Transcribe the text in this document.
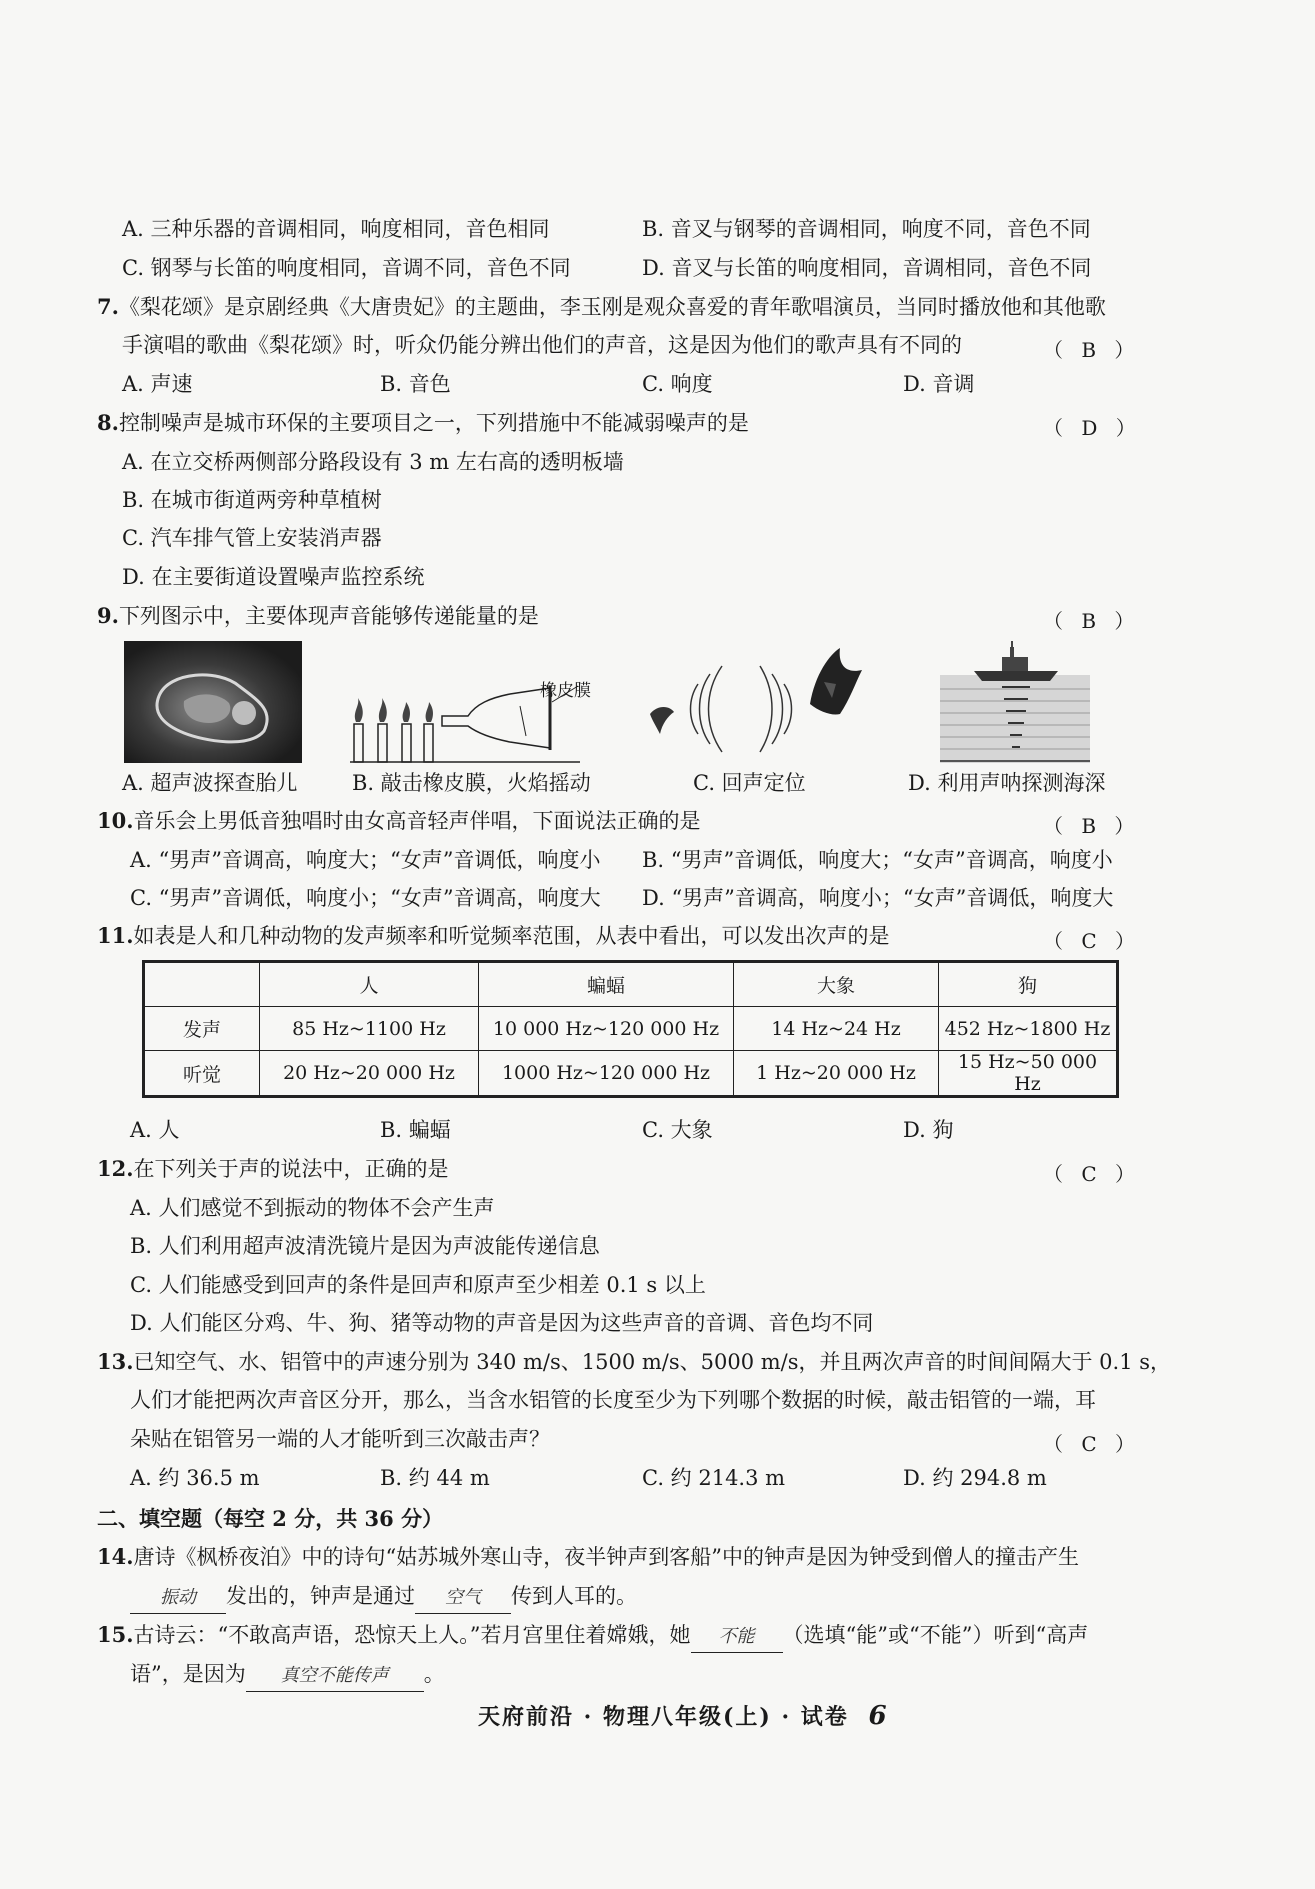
A. 三种乐器的音调相同，响度相同，音色相同	B. 音叉与钢琴的音调相同，响度不同，音色不同
C. 钢琴与长笛的响度相同，音调不同，音色不同	D. 音叉与长笛的响度相同，音调相同，音色不同
7.《梨花颂》是京剧经典《大唐贵妃》的主题曲，李玉刚是观众喜爱的青年歌唱演员，当同时播放他和其他歌
手演唱的歌曲《梨花颂》时，听众仍能分辨出他们的声音，这是因为他们的歌声具有不同的	（ B ）
A. 声速	B. 音色	C. 响度	D. 音调
8.控制噪声是城市环保的主要项目之一，下列措施中不能减弱噪声的是	（ D ）
A. 在立交桥两侧部分路段设有 3 m 左右高的透明板墙
B. 在城市街道两旁种草植树
C. 汽车排气管上安装消声器
D. 在主要街道设置噪声监控系统
9.下列图示中，主要体现声音能够传递能量的是	（ B ）
橡皮膜
A. 超声波探查胎儿	B. 敲击橡皮膜，火焰摇动	C. 回声定位	D. 利用声呐探测海深
10.音乐会上男低音独唱时由女高音轻声伴唱，下面说法正确的是	（ B ）
A. “男声”音调高，响度大；“女声”音调低，响度小 B. “男声”音调低，响度大；“女声”音调高，响度小
C. “男声”音调低，响度小；“女声”音调高，响度大 D. “男声”音调高，响度小；“女声”音调低，响度大
11.如表是人和几种动物的发声频率和听觉频率范围，从表中看出，可以发出次声的是	（ C ）
	人	蝙蝠	大象	狗
发声	85 Hz~1100 Hz	10 000 Hz~120 000 Hz	14 Hz~24 Hz	452 Hz~1800 Hz
听觉	20 Hz~20 000 Hz	1000 Hz~120 000 Hz	1 Hz~20 000 Hz	15 Hz~50 000 Hz
A. 人	B. 蝙蝠	C. 大象	D. 狗
12.在下列关于声的说法中，正确的是	（ C ）
A. 人们感觉不到振动的物体不会产生声
B. 人们利用超声波清洗镜片是因为声波能传递信息
C. 人们能感受到回声的条件是回声和原声至少相差 0.1 s 以上
D. 人们能区分鸡、牛、狗、猪等动物的声音是因为这些声音的音调、音色均不同
13.已知空气、水、铝管中的声速分别为 340 m/s、1500 m/s、5000 m/s，并且两次声音的时间间隔大于 0.1 s，
人们才能把两次声音区分开，那么，当含水铝管的长度至少为下列哪个数据的时候，敲击铝管的一端，耳
朵贴在铝管另一端的人才能听到三次敲击声？	（ C ）
A. 约 36.5 m	B. 约 44 m	C. 约 214.3 m	D. 约 294.8 m
二、填空题（每空 2 分，共 36 分）
14.唐诗《枫桥夜泊》中的诗句“姑苏城外寒山寺，夜半钟声到客船”中的钟声是因为钟受到僧人的撞击产生
振动 发出的，钟声是通过 空气 传到人耳的。
15.古诗云：“不敢高声语，恐惊天上人。”若月宫里住着嫦娥，她 不能 （选填“能”或“不能”）听到“高声
语”，是因为 真空不能传声 。
天府前沿 · 物理八年级(上) · 试卷 6
